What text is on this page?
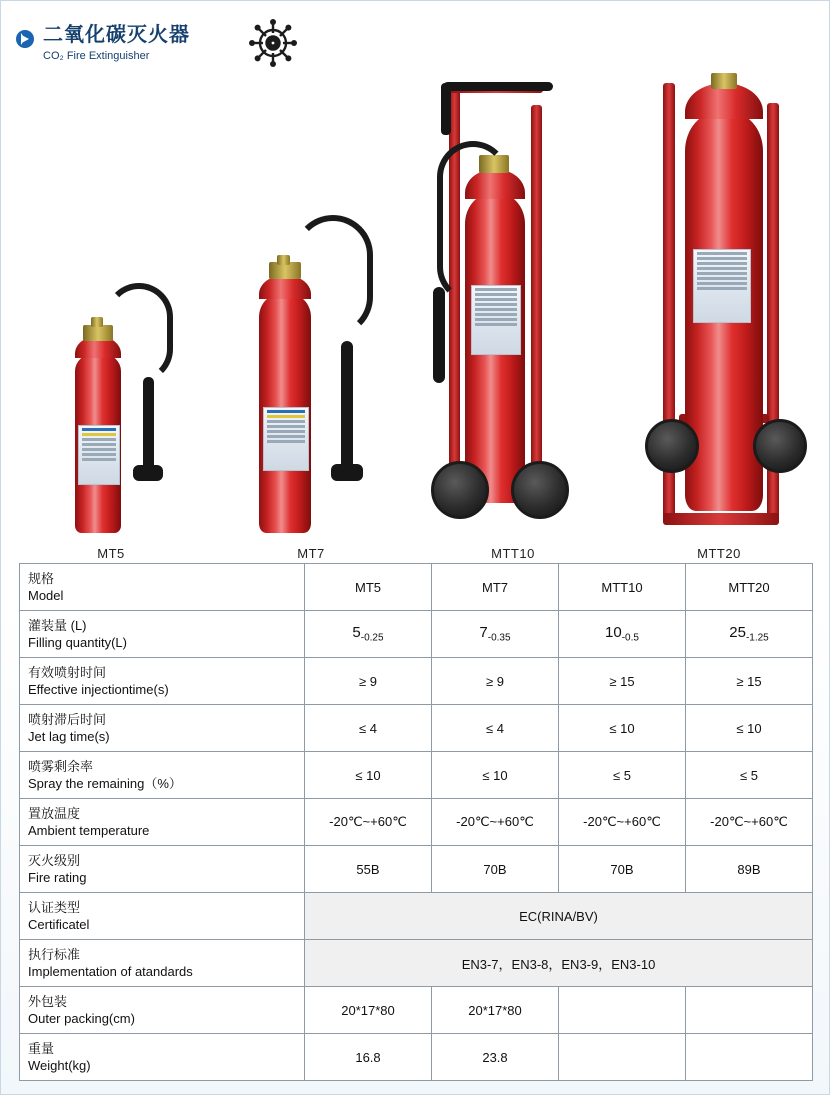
二氧化碳灭火器
CO₂ Fire Extinguisher
MT5	MT7	MTT10	MTT20
规格
Model	MT5	MT7	MTT10	MTT20

灌装量 (L)
Filling quantity(L)	$5_{-0.25}$	$7_{-0.35}$	$10_{-0.5}$	$25_{-1.25}$

有效喷射时间
Effective injectiontime(s)	≥ 9	≥ 9	≥ 15	≥ 15

喷射滞后时间
Jet lag time(s)	≤ 4	≤ 4	≤ 10	≤ 10

喷雾剩余率
Spray the remaining（%）	≤ 10	≤ 10	≤ 5	≤ 5

置放温度
Ambient temperature	-20℃~+60℃	-20℃~+60℃	-20℃~+60℃	-20℃~+60℃

灭火级别
Fire rating	55B	70B	70B	89B

认证类型
Certificatel	EC(RINA/BV)			

执行标准
Implementation of atandards	EN3-7，EN3-8，EN3-9，EN3-10			

外包装
Outer packing(cm)	20*17*80	20*17*80		

重量
Weight(kg)	16.8	23.8		
